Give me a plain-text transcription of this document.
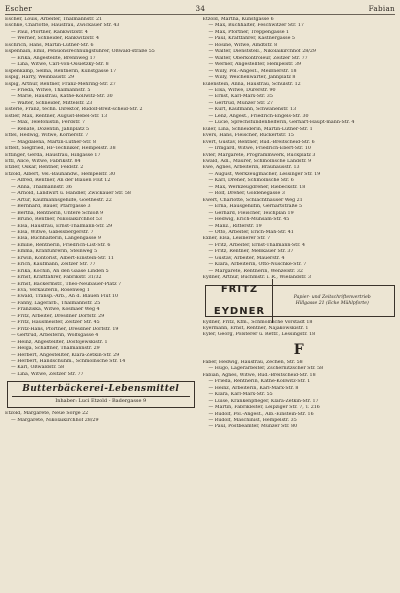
Escher	34	Fabian
Escher, Louis, Arbeiter, Thälmannstr. 21
Eschke, Charlotte, Hausfrau, Zwickauer Str. 43
— Paul, Pförtner, Rankwitzstr. 4
— Werner, Schneider, Rankwitzstr. 4
Eschrich, Hans, Martin-Luther-Str. 6
Espenhain, Emil, Pensionsrechnungsführer, Oßwald-straße 55
— Erika, Angestellte, Brennweg 17
— Lina, Witwe, Carl-von-Ossietzky-Str. 8
Espenkamp, Selma, Rentnerin, Kunstgasse 17
Espig, Harry, Weinbaustr. 29
Espig, Arthur, Rentner, Franz-Mehring-Str. 27
— Frieda, Witwe, Thälmannstr. 5
— Marie, Hausfrau, Käthe-Kollwitz-Str. 30
— Walter, Schneider, Mittelstr. 23
Esterle, Franz, techn. Direktor, Rudolf-Breit-scheid-Str. 2
Estler, Max, Rentner, August-Bebel-Str. 13
— Max, Telefonistin, Ferdstr. 7
— Renate, Dozentin, Jahnplatz 5
Ettel, Hedwig, Witwe, Körnerstr. 7
— Magdalena, Martin-Luther-Str. 8
Ettelt, Siegfried, HF-Techniker, Hempelstr. 38
Ettinger, Gerda, Hausfrau, Hillgasse 17
Ettl, Alice, Witwe, Fabrikstr. 84
Etzler, Oskar, Rentner, Feldstr. 2
Etzold, Albert, Vel.-Bauhandw., Hempelstr. 30
— Alfred, Rentner, An der Blauen Flut 12
— Anna, Thälmannstr. 36
— Arnold, Landwirt u. Händler, Zwickauer Str. 58
— Artur, Kaufmannsgehilfe, Goethestr. 22
— Bernhard, Bauer, Pfarrgasse 3
— Bertha, Rentnerin, Untere Schloß 9
— Bruno, Rentner, Nikolaikirchhof 53
— Elsa, Hausfrau, Ernst-Thälmann-Str. 29
— Elsa, Witwe, Gabelsbergerstr. 7
— Elsa, Buchhalterin, Langengasse 9
— Emilie, Rentnerin, Friedrich-List-Str. 6
— Emma, Kranführerin, Steinweg 5
— Erwin, Kontorist, Albert-Einstein-Str. 11
— Erich, Kaufmann, Zeitzer Str. 77
— Erika, Köchin, An den Gaase Linden 5
— Ernst, Kraftfahrer, Fabrikstr. 31/32
— Ernst, Bäckermstr., Theo-Neubauer-Platz 7
— Eva, Verkäuferin, Rosenweg 1
— Ewald, Transp.-Arb., An d. Blauen Flut 10
— Fanny, Lagerarb., Thälmannstr. 25
— Franziska, Witwe, Kosmaer Weg 4
— Fritz, Arbeiter, Dresdner Dorfstr. 29
— Fritz, Hausmeister, Zeitzer Str. 45
— Fritz-Hans, Pförtner, Dresdner Dorfstr. 19
— Gertrud, Arbeiterin, Wolfsgasse 4
— Heinz, Angestellter, Dostojewskistr. 1
— Helga, Schaffner, Thälmannstr. 29
— Herbert, Angestellter, Klara-Zetkin-Str. 29
— Herbert, Handschuhm., Schmölnsche Str. 14
— Karl, Oßwaldstr. 58
— Lina, Witwe, Zeitzer Str. 77
Butterbäckerei-Lebensmittel
Inhaber: Luci Etzold - Badergasse 9
Etzold, Margarete, Neue Sorge 22
— Margarete, Nikolaikirchhof 28/29
Etzold, Martha, Kunstgasse 6
— Max, Buchhalter, Feschwitzer Str. 17
— Max, Pförtner, Treppengasse 1
— Paul, Kraftfahrer, Kästnergasse 5
— Rosine, Witwe, Amdtstr. 8
— Walter, Dienststell., Nikolaikirchhof 28/29
— Walter, Oberkontroleur, Zeitzer Str. 77
— Werner, Angestellter, Hempelstr. 39
— Willy, Pol.-Angest., Meißnerstr. 18
— Willy, Weichenwärter, Jahnplatz 8
Eulenstein, Anna, Hausfrau, Schulstr. 12
— Elsa, Witwe, Dürerstr. 90
— Ernst, Karl-Marx-Str. 35
— Gertrud, Münzer Str. 27
— Kurt, Kaufmann, Schwanenstr. 13
— Lenz, Angest., Friedrich-Engels-Str. 30
— Lucie, Sprechstundenhelferin, Gerhart-Haupt-mann-Str. 4
Euler, Lina, Schneiderin, Martin-Luther-Str. 1
Evers, Hans, Fleischer, Rückertstr. 15
Evert, Gustav, Rentner, Rud.-Breitscheid-Str. 6
— Irmgard, Witwe, Friedrich-Ebert-Str. 10
Evler, Margarete, Programmwerk, Rückplatz 3
Ewald, Adl., Maurer, Schmölnsche Landstr. 9
Ewe, Agnes, Arbeiterin, Brauhausstr. 13
— August, Werkzeugmacher, Lessinger Str. 19
— Karl, Dreher, Schmölnsche Str. 6
— Max, Werkzeugdreher, Riebeckstr. 18
— Rolf, Dreher, Goldenegasse 3
Ewert, Charlotte, Schlachthauser Weg 21
— Erna, Hausgehilfin, Gerhartstraße 5
— Gerhard, Fleischer, Teichplan 19
— Hedwig, Erich-Mühsam-Str. 45
— Manz., Ritterstr. 19
— Otto, Arbeiter, Erich-Mäh-Str. 41
Exner, Elsa, Leisnerer Str. 7
— Fritz, Arbeiter, Ernst-Thälmann-Str. 4
— Fritz, Rentner, Meßkauer Str. 37
— Gustav, Arbeiter, Mauerstr. 4
— Klara, Arbeiterin, Otto-Nuschke-Str. 7
— Margarete, Rentnerin, Wenzelstr. 32
Eydner, Arthur, Buchmstr. i. R., Wielandstr. 3
FRITZ EYDNER
Papier- und Zeitschriftenvertrieb
Hillgasse 21 (Ecke Mühlpforte)
Eydner, Fritz, Kfm., Schmölnsche Vorstadt 18
Eyermann, Ernst, Rentner, Najakowskistr. 1
Eyler, Georg, Polsterer u. Rettr., Lessingstr. 18
F
Faber, Hedwig, Hausfrau, Zechen, Str. 58
— Hugo, Lagerarbeiter, Zschernitzscher Str. 58
Fabian, Agnes, Witwe, Rud.-Breitscheid-Str. 18
— Frieda, Rentnerin, Käthe-Kollwitz-Str. 1
— Heinz, Arbeiterin, Karl-Marx-Str. 8
— Klara, Karl-Marx-Str. 55
— Luise, Krankenpfleger, Klara-Zetkin-Str. 17
— Martin, Fabrikleiter, Leipziger Str. 7, T. 216
— Rudolf, Pol.-Angest., Alb.-Einstein-Str. 16
— Rudolf, Maschinist, Hempelstr. 35
— Paul, Postbeamter, Münzer Str. 80
